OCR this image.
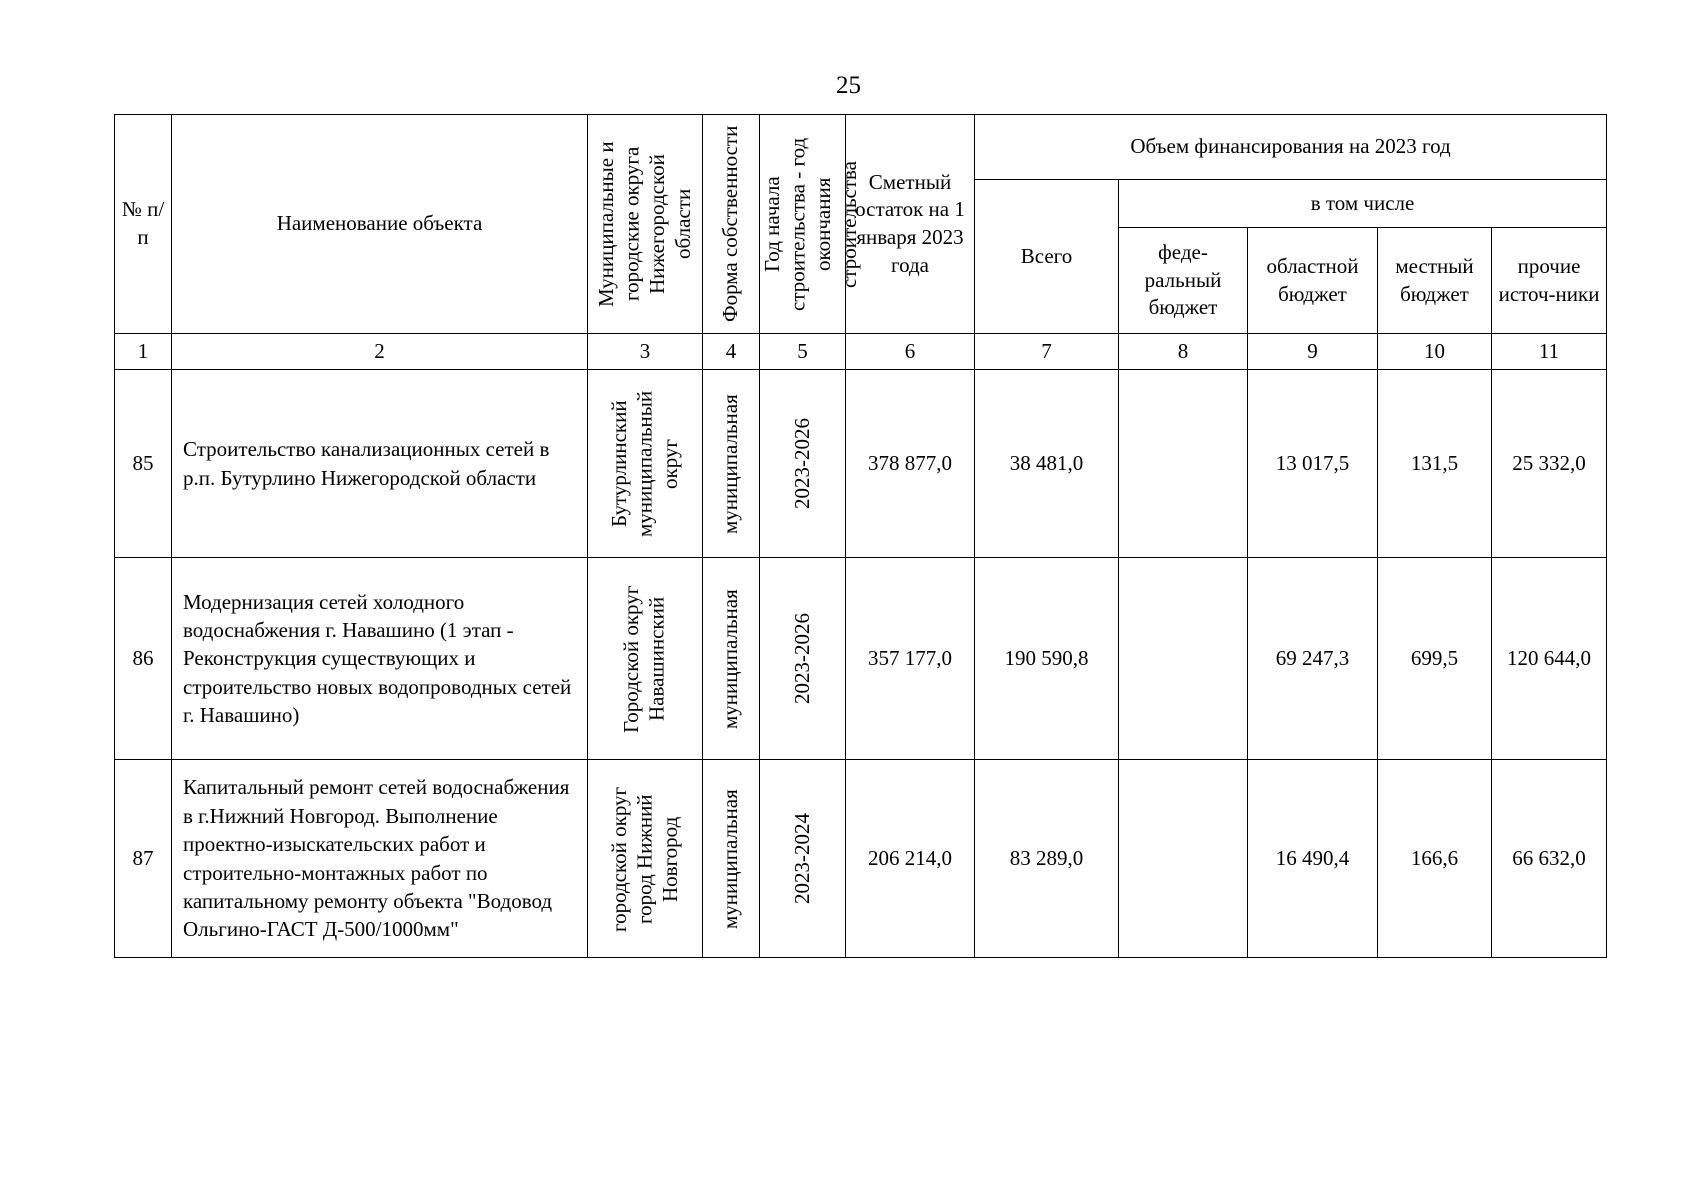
25
№ п/п	Наименование объекта	Муниципальные и городские округа Нижегородской области	Форма собственности	Год начала строительства - год окончания строительства	Сметный остаток на 1 января 2023 года	Объем финансирования на 2023 год				

						Всего	в том числе			

							феде-ральный бюджет	областной бюджет	местный бюджет	прочие источ-ники

1	2	3	4	5	6	7	8	9	10	11
85	Строительство канализационных сетей в р.п. Бутурлино Нижегородской области	Бутурлинский муниципальный округ	муниципальная	2023-2026	378 877,0	38 481,0		13 017,5	131,5	25 332,0
86	Модернизация сетей холодного водоснабжения г. Навашино (1 этап - Реконструкция существующих и строительство новых водопроводных сетей г. Навашино)	Городской округ Навашинский	муниципальная	2023-2026	357 177,0	190 590,8		69 247,3	699,5	120 644,0
87	Капитальный ремонт сетей водоснабжения в г.Нижний Новгород. Выполнение проектно-изыскательских работ и строительно-монтажных работ по капитальному ремонту объекта "Водовод Ольгино-ГАСТ Д-500/1000мм"	городской округ город Нижний Новгород	муниципальная	2023-2024	206 214,0	83 289,0		16 490,4	166,6	66 632,0
